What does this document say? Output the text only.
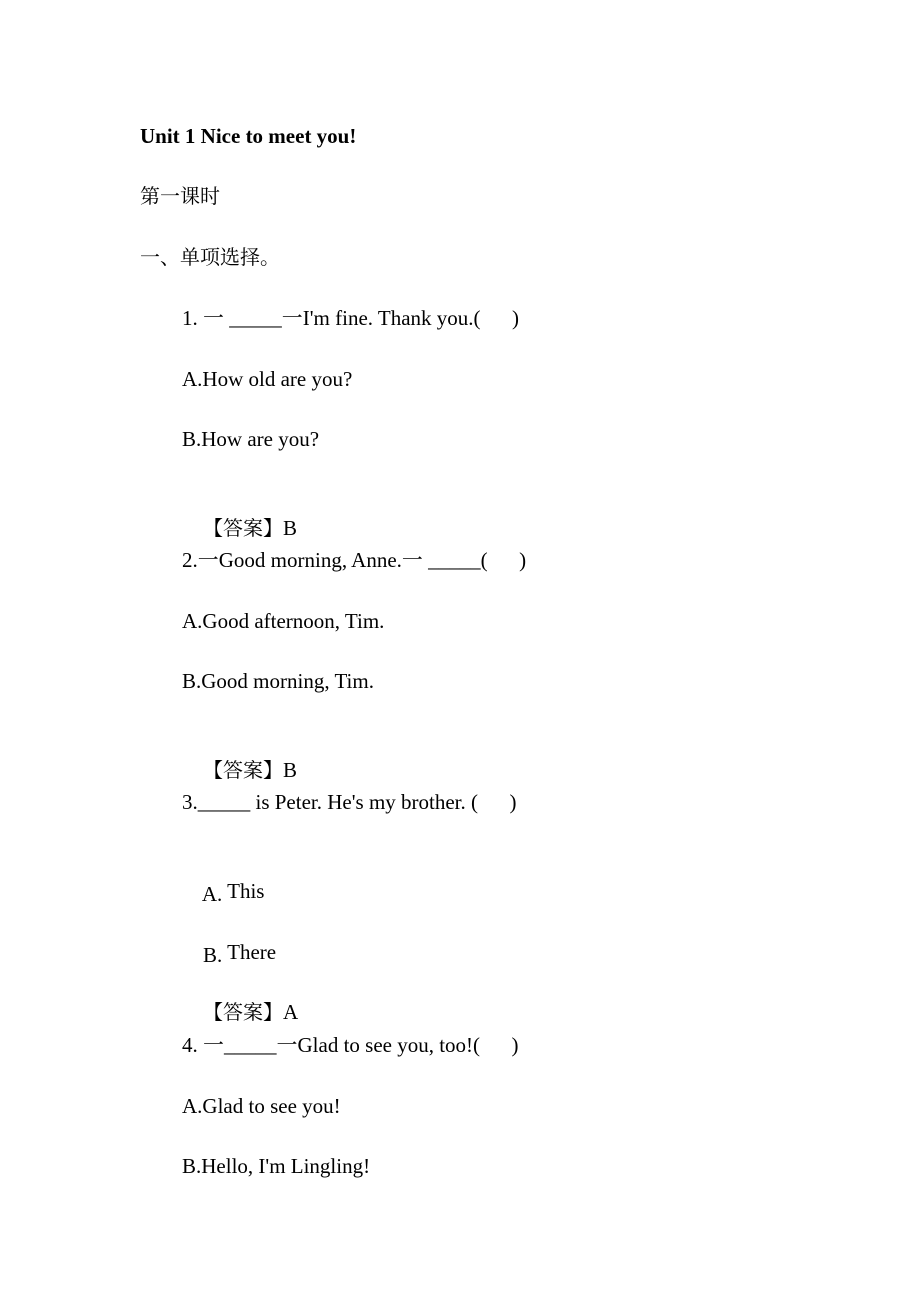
Unit 1 Nice to meet you!
第一课时
一、单项选择。
1. 一 _____一I'm fine. Thank you.(      )
A.How old are you?
B.How are you?

【答案】B

2.一Good morning, Anne.一 _____(      )
A.Good afternoon, Tim.
B.Good morning, Tim.

【答案】B

3._____ is Peter. He's my brother. (      )

A. This

B. There

【答案】A

4. 一_____一Glad to see you, too!(      )
A.Glad to see you!
B.Hello, I'm Lingling!
